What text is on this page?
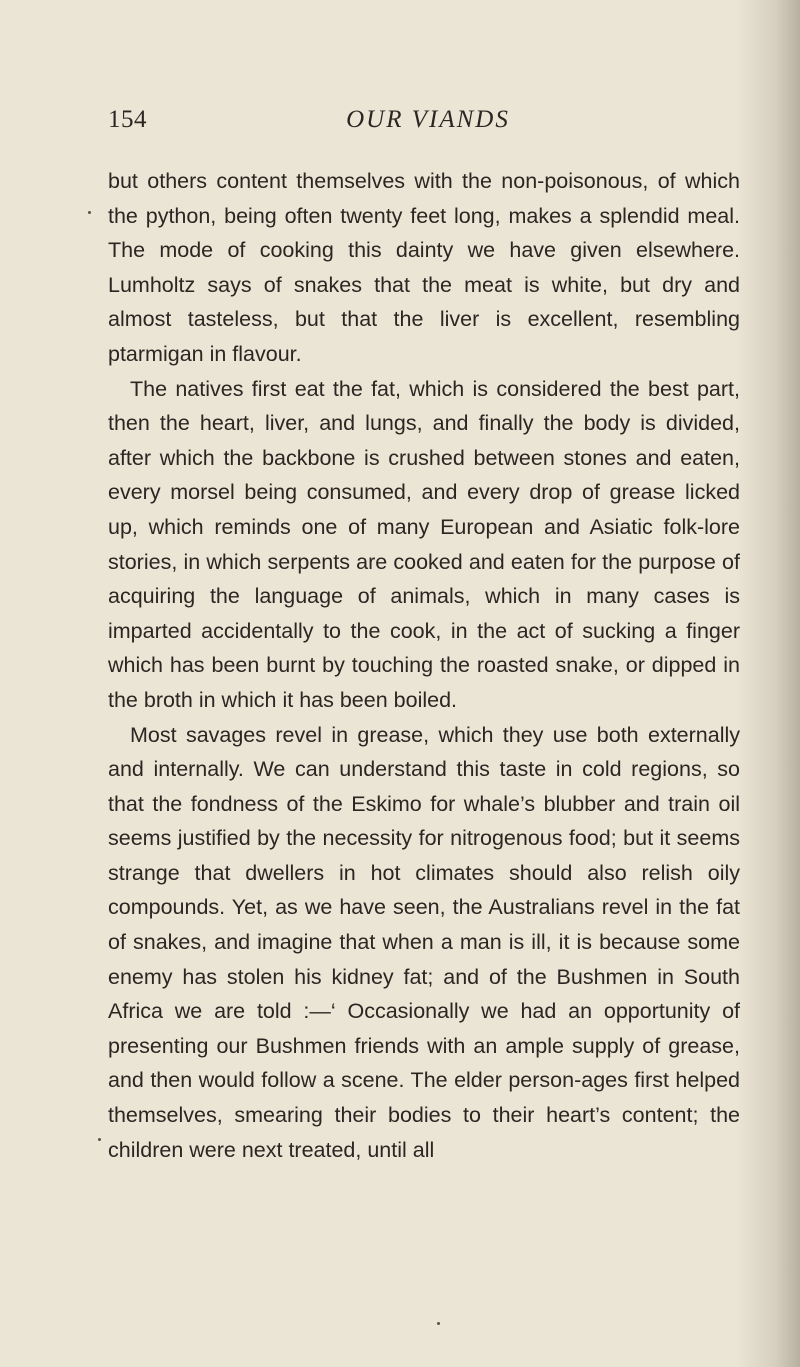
154	OUR VIANDS

but others content themselves with the non-poisonous, of which the python, being often twenty feet long, makes a splendid meal. The mode of cooking this dainty we have given elsewhere. Lumholtz says of snakes that the meat is white, but dry and almost tasteless, but that the liver is excellent, resembling ptarmigan in flavour.

The natives first eat the fat, which is considered the best part, then the heart, liver, and lungs, and finally the body is divided, after which the backbone is crushed between stones and eaten, every morsel being consumed, and every drop of grease licked up, which reminds one of many European and Asiatic folk-lore stories, in which serpents are cooked and eaten for the purpose of acquiring the language of animals, which in many cases is imparted accidentally to the cook, in the act of sucking a finger which has been burnt by touching the roasted snake, or dipped in the broth in which it has been boiled.

Most savages revel in grease, which they use both externally and internally. We can understand this taste in cold regions, so that the fondness of the Eskimo for whale’s blubber and train oil seems justified by the necessity for nitrogenous food; but it seems strange that dwellers in hot climates should also relish oily compounds. Yet, as we have seen, the Australians revel in the fat of snakes, and imagine that when a man is ill, it is because some enemy has stolen his kidney fat; and of the Bushmen in South Africa we are told :—‘ Occasionally we had an opportunity of presenting our Bushmen friends with an ample supply of grease, and then would follow a scene. The elder person-ages first helped themselves, smearing their bodies to their heart’s content; the children were next treated, until all
